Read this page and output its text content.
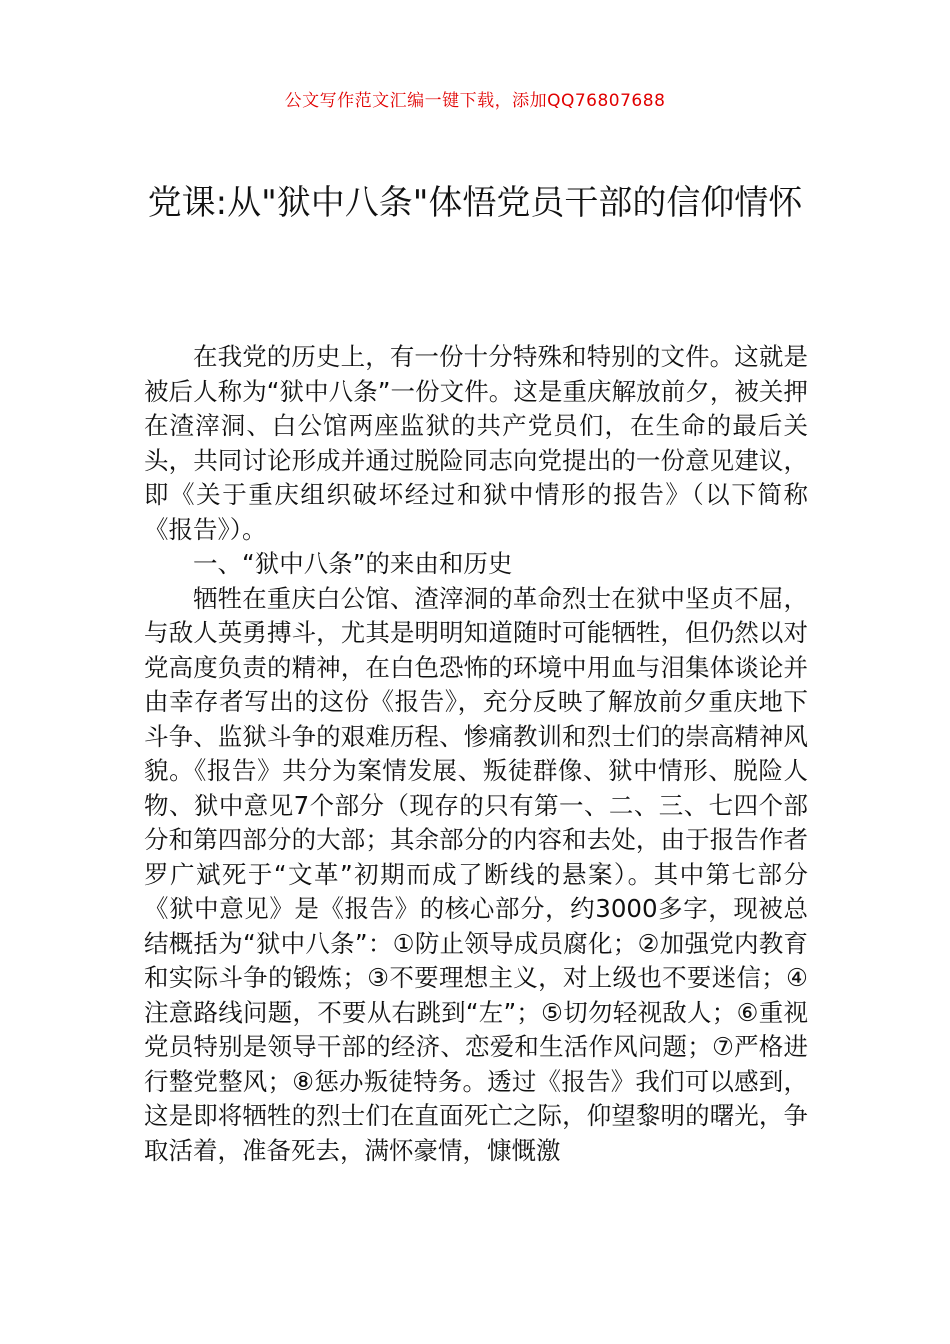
公文写作范文汇编一键下载，添加QQ76807688
党课:从"狱中八条"体悟党员干部的信仰情怀

在我党的历史上，有一份十分特殊和特别的文件。这就是被后人称为“狱中八条”一份文件。这是重庆解放前夕，被关押在渣滓洞、白公馆两座监狱的共产党员们，在生命的最后关头，共同讨论形成并通过脱险同志向党提出的一份意见建议，即《关于重庆组织破坏经过和狱中情形的报告》（以下简称《报告》）。

一、“狱中八条”的来由和历史

牺牲在重庆白公馆、渣滓洞的革命烈士在狱中坚贞不屈，与敌人英勇搏斗，尤其是明明知道随时可能牺牲，但仍然以对党高度负责的精神，在白色恐怖的环境中用血与泪集体谈论并由幸存者写出的这份《报告》，充分反映了解放前夕重庆地下斗争、监狱斗争的艰难历程、惨痛教训和烈士们的崇高精神风貌。《报告》共分为案情发展、叛徒群像、狱中情形、脱险人物、狱中意见7个部分（现存的只有第一、二、三、七四个部分和第四部分的大部；其余部分的内容和去处，由于报告作者罗广斌死于“文革”初期而成了断线的悬案）。其中第七部分《狱中意见》是《报告》的核心部分，约3000多字，现被总结概括为“狱中八条”：①防止领导成员腐化；②加强党内教育和实际斗争的锻炼；③不要理想主义，对上级也不要迷信；④注意路线问题，不要从右跳到“左”；⑤切勿轻视敌人；⑥重视党员特别是领导干部的经济、恋爱和生活作风问题；⑦严格进行整党整风；⑧惩办叛徒特务。透过《报告》我们可以感到，这是即将牺牲的烈士们在直面死亡之际，仰望黎明的曙光，争取活着，准备死去，满怀豪情，慷慨激
